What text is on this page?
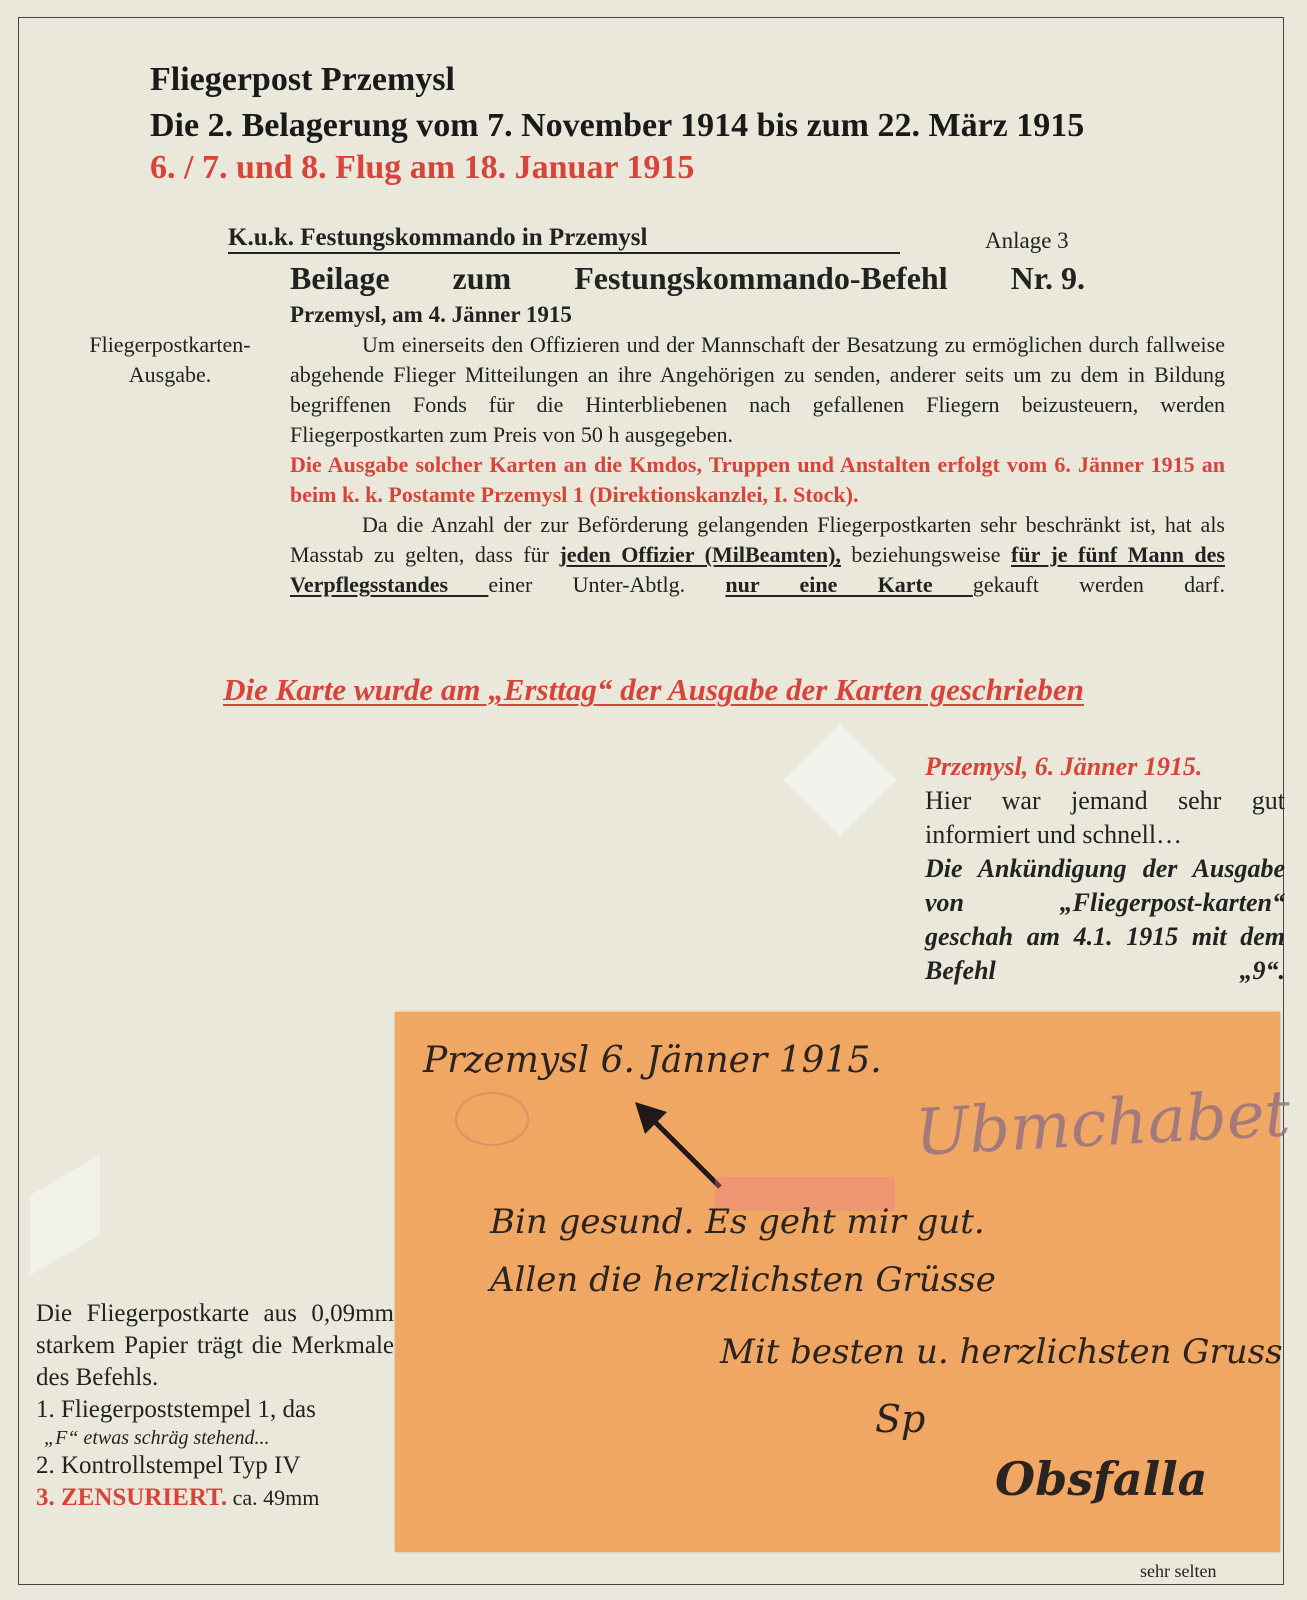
Fliegerpost Przemysl
Die 2. Belagerung vom 7. November 1914 bis zum 22. März 1915
6. / 7. und 8. Flug am 18. Januar 1915
K.u.k. Festungskommando in Przemysl	Anlage 3
Beilage zum Festungskommando-Befehl Nr. 9.
Przemysl, am 4. Jänner 1915
Fliegerpostkarten-
Ausgabe.

Um einerseits den Offizieren und der Mannschaft der Besatzung zu ermöglichen durch fallweise abgehende Flieger Mitteilungen an ihre Angehörigen zu senden, anderer seits um zu dem in Bildung begriffenen Fonds für die Hinterbliebenen nach gefallenen Fliegern beizusteuern, werden Fliegerpostkarten zum Preis von 50 h ausgegeben.

Die Ausgabe solcher Karten an die Kmdos, Truppen und Anstalten erfolgt vom 6. Jänner 1915 an beim k. k. Postamte Przemysl 1 (Direktionskanzlei, I. Stock).

Da die Anzahl der zur Beförderung gelangenden Fliegerpostkarten sehr beschränkt ist, hat als Masstab zu gelten, dass für jeden Offizier (MilBeamten), beziehungsweise für je fünf Mann des Verpflegsstandes einer Unter-Abtlg. nur eine Karte gekauft werden darf.

Die Karte wurde am „Ersttag“ der Ausgabe der Karten geschrieben
Przemysl, 6. Jänner 1915.
Hier war jemand sehr gut informiert und schnell…
Die Ankündigung der Ausgabe von „Fliegerpost-karten“ geschah am 4.1. 1915 mit dem Befehl „9“.
Przemysl 6. Jänner 1915.
Ubmchabet
Bin gesund. Es geht mir gut.
Allen die herzlichsten Grüsse
Mit besten u. herzlichsten Gruss
Sp
Obsfalla
Die Fliegerpostkarte aus 0,09mm starkem Papier trägt die Merkmale des Befehls.
1. Fliegerpoststempel 1, das
„F“ etwas schräg stehend...
2. Kontrollstempel Typ IV
3. ZENSURIERT. ca. 49mm
sehr selten
